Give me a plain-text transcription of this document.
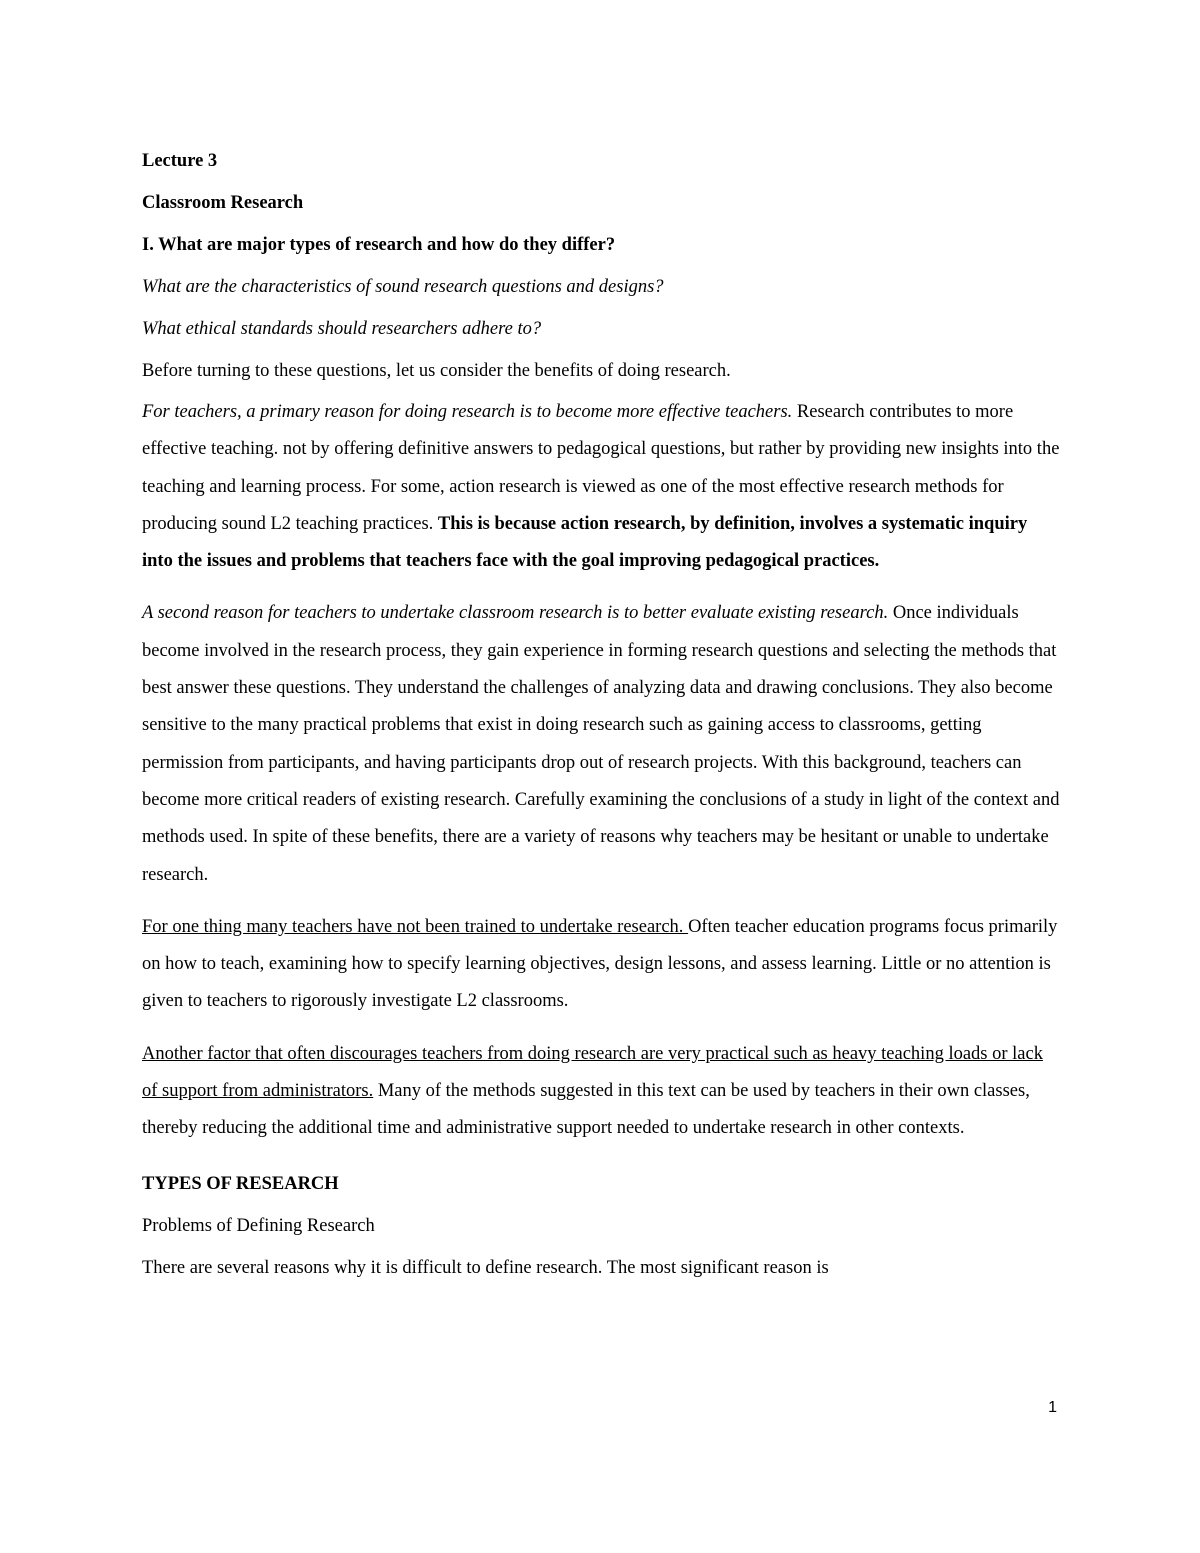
Lecture 3

Classroom Research

I. What are major types of research and how do they differ?

What are the characteristics of sound research questions and designs?

What ethical standards should researchers adhere to?

Before turning to these questions, let us consider the benefits of doing research.

For teachers, a primary reason for doing research is to become more effective teachers. Research contributes to more effective teaching. not by offering definitive answers to pedagogical questions, but rather by providing new insights into the teaching and learning process. For some, action research is viewed as one of the most effective research methods for producing sound L2 teaching practices. This is because action research, by definition, involves a systematic inquiry into the issues and problems that teachers face with the goal improving pedagogical practices.

A second reason for teachers to undertake classroom research is to better evaluate existing research. Once individuals become involved in the research process, they gain experience in forming research questions and selecting the methods that best answer these questions. They understand the challenges of analyzing data and drawing conclusions. They also become sensitive to the many practical problems that exist in doing research such as gaining access to classrooms, getting permission from participants, and having participants drop out of research projects. With this background, teachers can become more critical readers of existing research. Carefully examining the conclusions of a study in light of the context and methods used. In spite of these benefits, there are a variety of reasons why teachers may be hesitant or unable to undertake research.

For one thing many teachers have not been trained to undertake research. Often teacher education programs focus primarily on how to teach, examining how to specify learning objectives, design lessons, and assess learning. Little or no attention is given to teachers to rigorously investigate L2 classrooms.

Another factor that often discourages teachers from doing research are very practical such as heavy teaching loads or lack of support from administrators. Many of the methods suggested in this text can be used by teachers in their own classes, thereby reducing the additional time and administrative support needed to undertake research in other contexts.

TYPES OF RESEARCH

Problems of Defining Research

There are several reasons why it is difficult to define research. The most significant reason is

1
